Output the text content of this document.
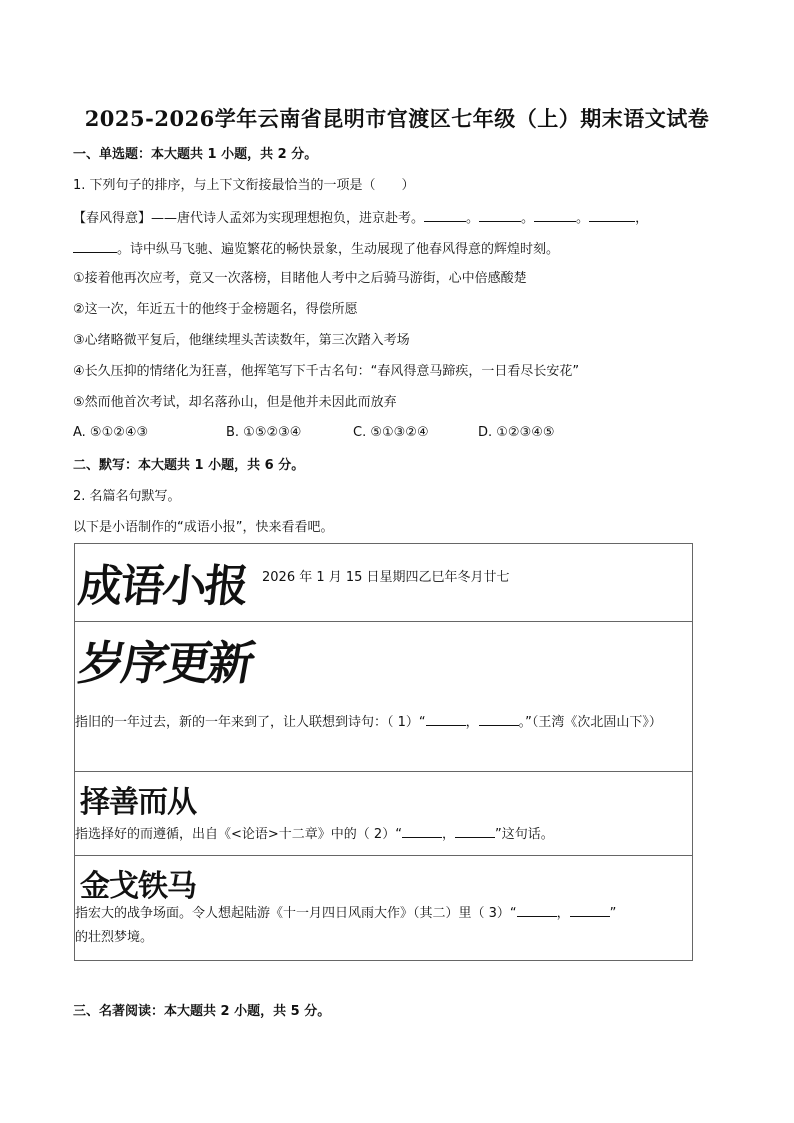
2025-2026学年云南省昆明市官渡区七年级（上）期末语文试卷
一、单选题：本大题共 1 小题，共 2 分。
1. 下列句子的排序，与上下文衔接最恰当的一项是（　　）
【春风得意】——唐代诗人孟郊为实现理想抱负，进京赴考。	。	。	。	，
。诗中纵马飞驰、遍览繁花的畅快景象，生动展现了他春风得意的辉煌时刻。
①接着他再次应考，竟又一次落榜，目睹他人考中之后骑马游街，心中倍感酸楚
②这一次，年近五十的他终于金榜题名，得偿所愿
③心绪略微平复后，他继续埋头苦读数年，第三次踏入考场
④长久压抑的情绪化为狂喜，他挥笔写下千古名句：“春风得意马蹄疾，一日看尽长安花”
⑤然而他首次考试，却名落孙山，但是他并未因此而放弃
A. ⑤①②④③	B. ①⑤②③④	C. ⑤①③②④	D. ①②③④⑤
二、默写：本大题共 1 小题，共 6 分。
2. 名篇名句默写。
以下是小语制作的“成语小报”，快来看看吧。
成语小报 2026 年 1 月 15 日星期四乙巳年冬月廿七
岁序更新
指旧的一年过去，新的一年来到了，让人联想到诗句：（ 1）“	，	。”（王湾《次北固山下》）
择善而从
指选择好的而遵循，出自《<论语>十二章》中的（ 2）“	，	”这句话。
金戈铁马
指宏大的战争场面。令人想起陆游《十一月四日风雨大作》（其二）里（ 3）“	，	”
的壮烈梦境。
三、名著阅读：本大题共 2 小题，共 5 分。
